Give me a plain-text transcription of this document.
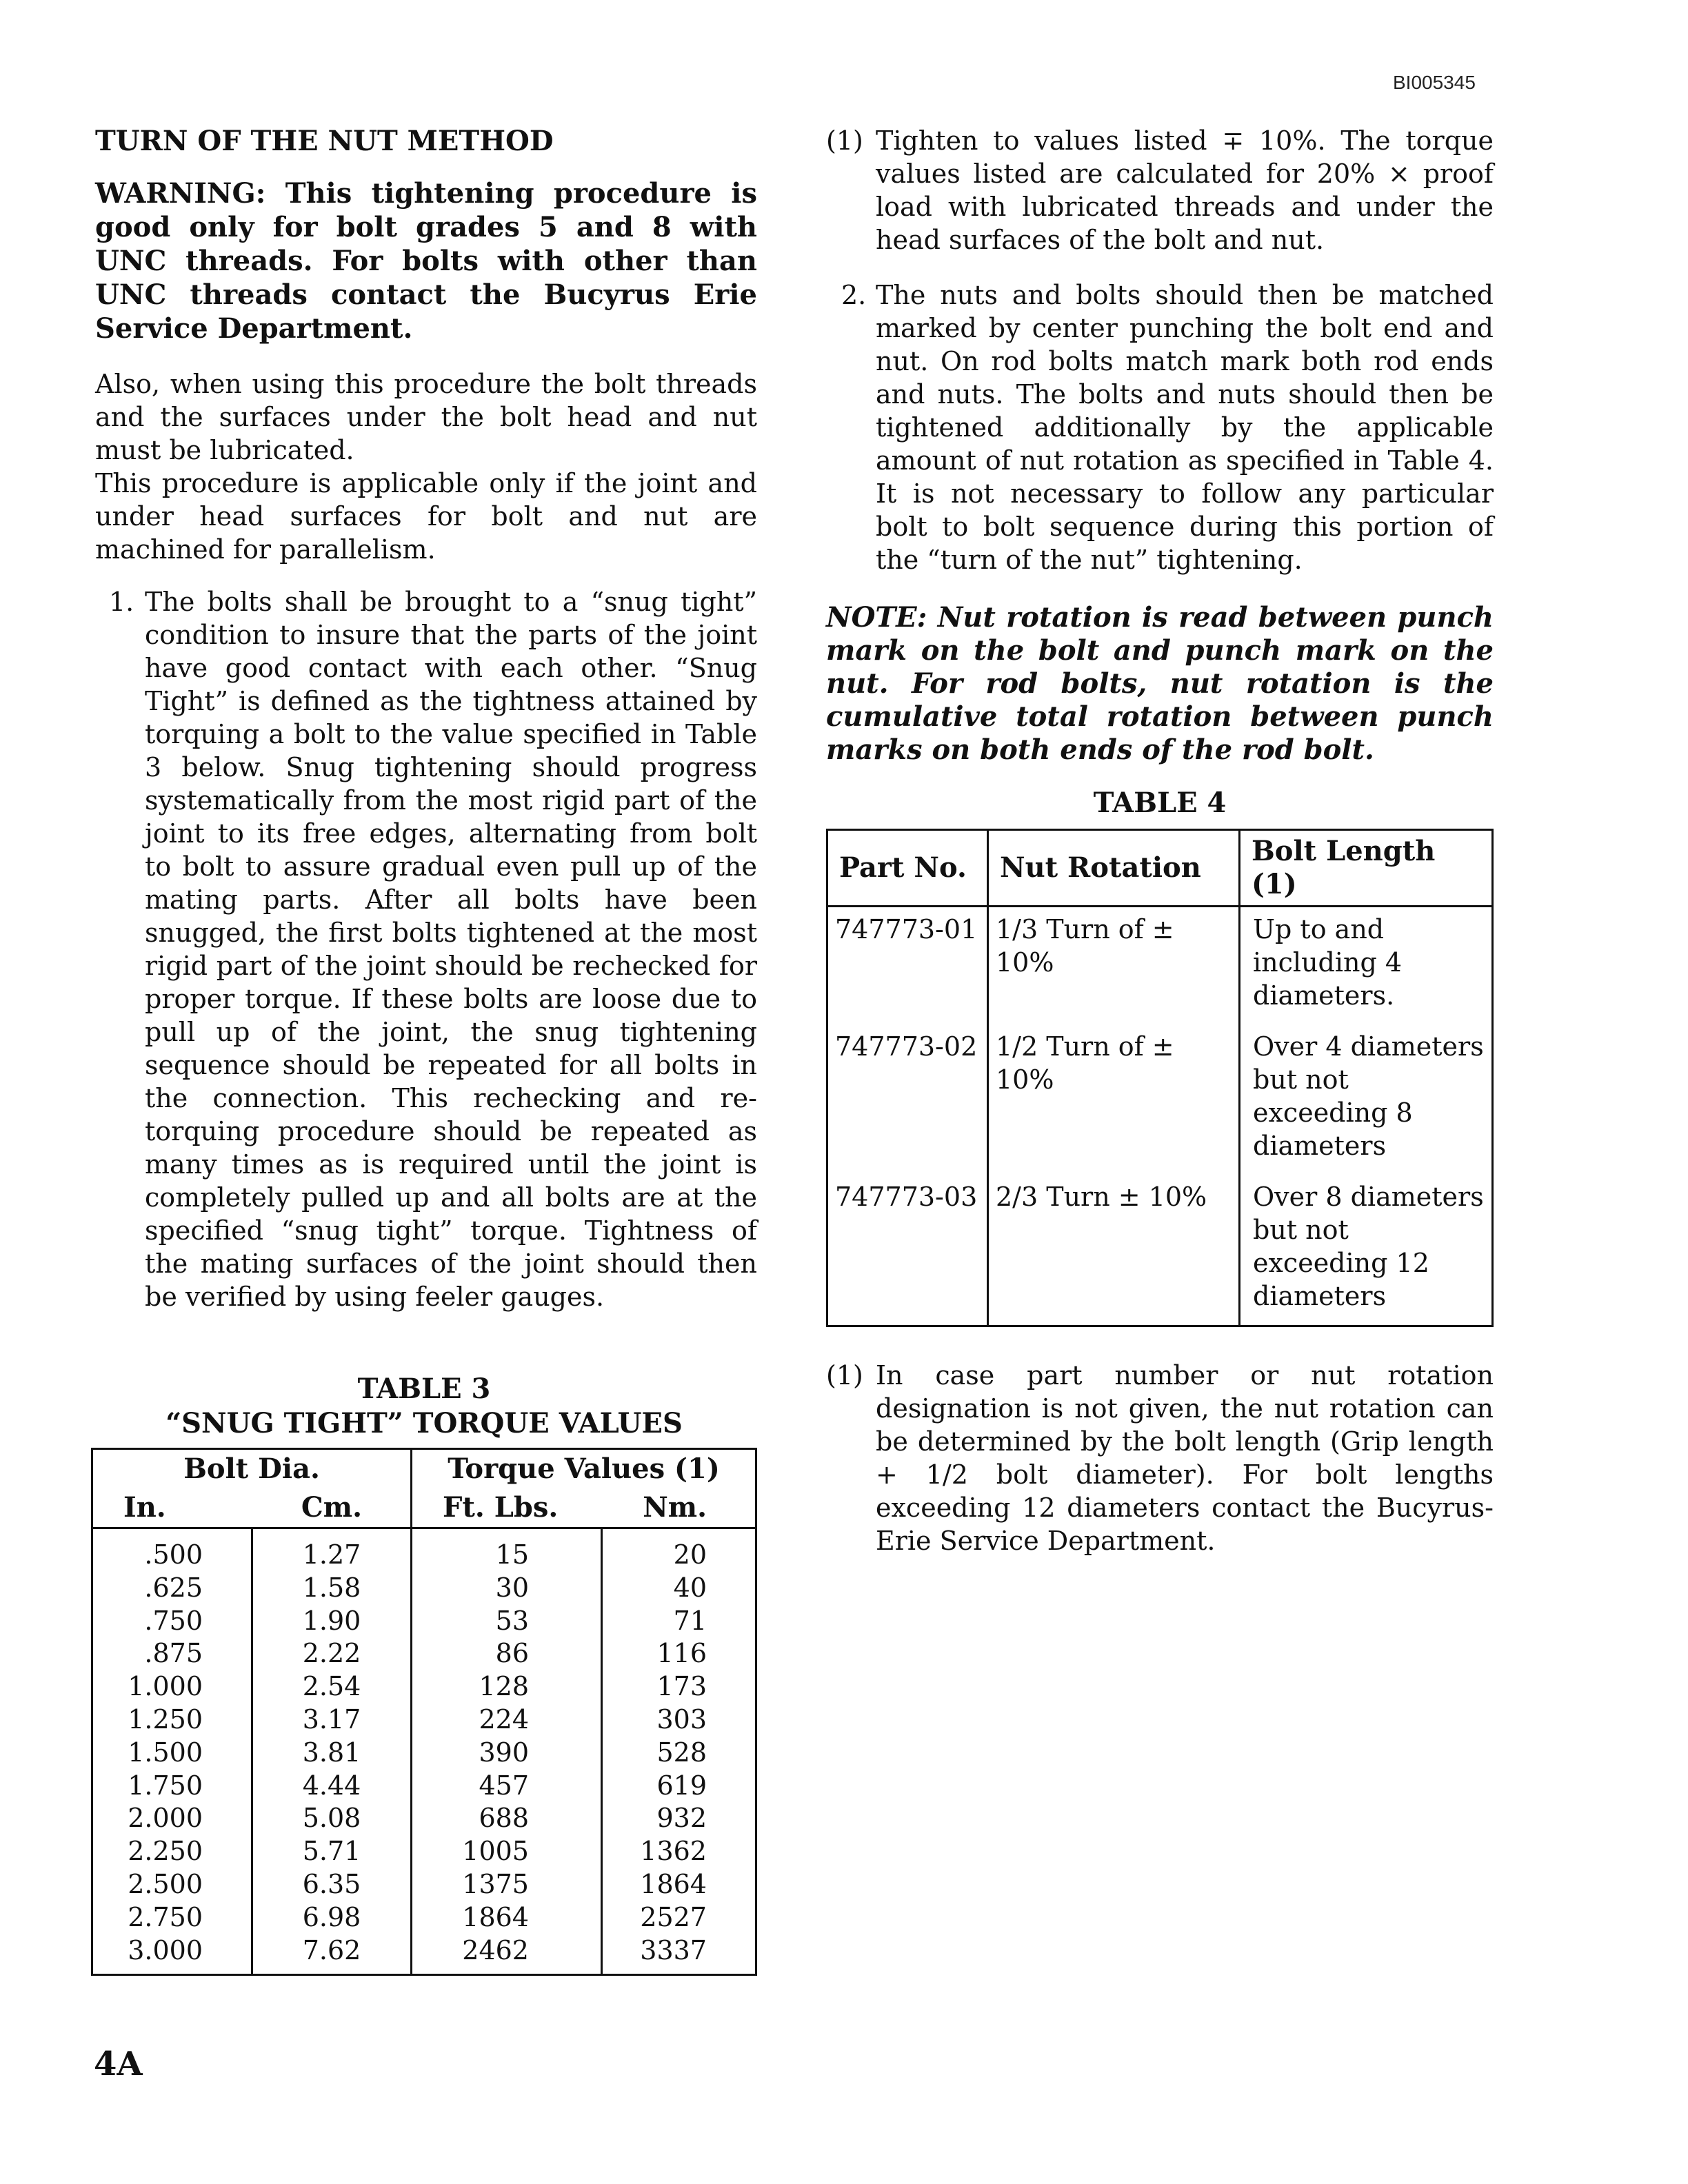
BI005345
TURN OF THE NUT METHOD
WARNING: This tightening procedure is good only for bolt grades 5 and 8 with UNC threads. For bolts with other than UNC threads contact the Bucyrus Erie Service Department.

Also, when using this procedure the bolt threads and the surfaces under the bolt head and nut must be lubricated.

This procedure is applicable only if the joint and under head surfaces for bolt and nut are machined for parallelism.

1. The bolts shall be brought to a “snug tight” condition to insure that the parts of the joint have good contact with each other. “Snug Tight” is defined as the tightness attained by torquing a bolt to the value specified in Table 3 below. Snug tightening should progress systematically from the most rigid part of the joint to its free edges, alternating from bolt to bolt to assure gradual even pull up of the mating parts. After all bolts have been snugged, the first bolts tightened at the most rigid part of the joint should be rechecked for proper torque. If these bolts are loose due to pull up of the joint, the snug tightening sequence should be repeated for all bolts in the connection. This rechecking and re-torquing procedure should be repeated as many times as is required until the joint is completely pulled up and all bolts are at the specified “snug tight” torque. Tightness of the mating surfaces of the joint should then be verified by using feeler gauges.
TABLE 3
“SNUG TIGHT” TORQUE VALUES
Bolt Dia.		Torque Values (1)	
In.	Cm.	Ft. Lbs.	Nm.
.500	1.27	15	20
.625	1.58	30	40
.750	1.90	53	71
.875	2.22	86	116
1.000	2.54	128	173
1.250	3.17	224	303
1.500	3.81	390	528
1.750	4.44	457	619
2.000	5.08	688	932
2.250	5.71	1005	1362
2.500	6.35	1375	1864
2.750	6.98	1864	2527
3.000	7.62	2462	3337
(1) Tighten to values listed ∓ 10%. The torque values listed are calculated for 20% × proof load with lubricated threads and under the head surfaces of the bolt and nut.
2. The nuts and bolts should then be matched marked by center punching the bolt end and nut. On rod bolts match mark both rod ends and nuts. The bolts and nuts should then be tightened additionally by the applicable amount of nut rotation as specified in Table 4. It is not necessary to follow any particular bolt to bolt sequence during this portion of the “turn of the nut” tightening.
NOTE: Nut rotation is read between punch mark on the bolt and punch mark on the nut. For rod bolts, nut rotation is the cumulative total rotation between punch marks on both ends of the rod bolt.
TABLE 4
Part No.	Nut Rotation	Bolt Length (1)
747773-01	1/3 Turn of ± 10%	Up to and including 4 diameters.
747773-02	1/2 Turn of ± 10%	Over 4 diameters but not exceeding 8 diameters
747773-03	2/3 Turn ± 10%	Over 8 diameters but not exceeding 12 diameters
(1) In case part number or nut rotation designation is not given, the nut rotation can be determined by the bolt length (Grip length + 1/2 bolt diameter). For bolt lengths exceeding 12 diameters contact the Bucyrus-Erie Service Department.
4A
